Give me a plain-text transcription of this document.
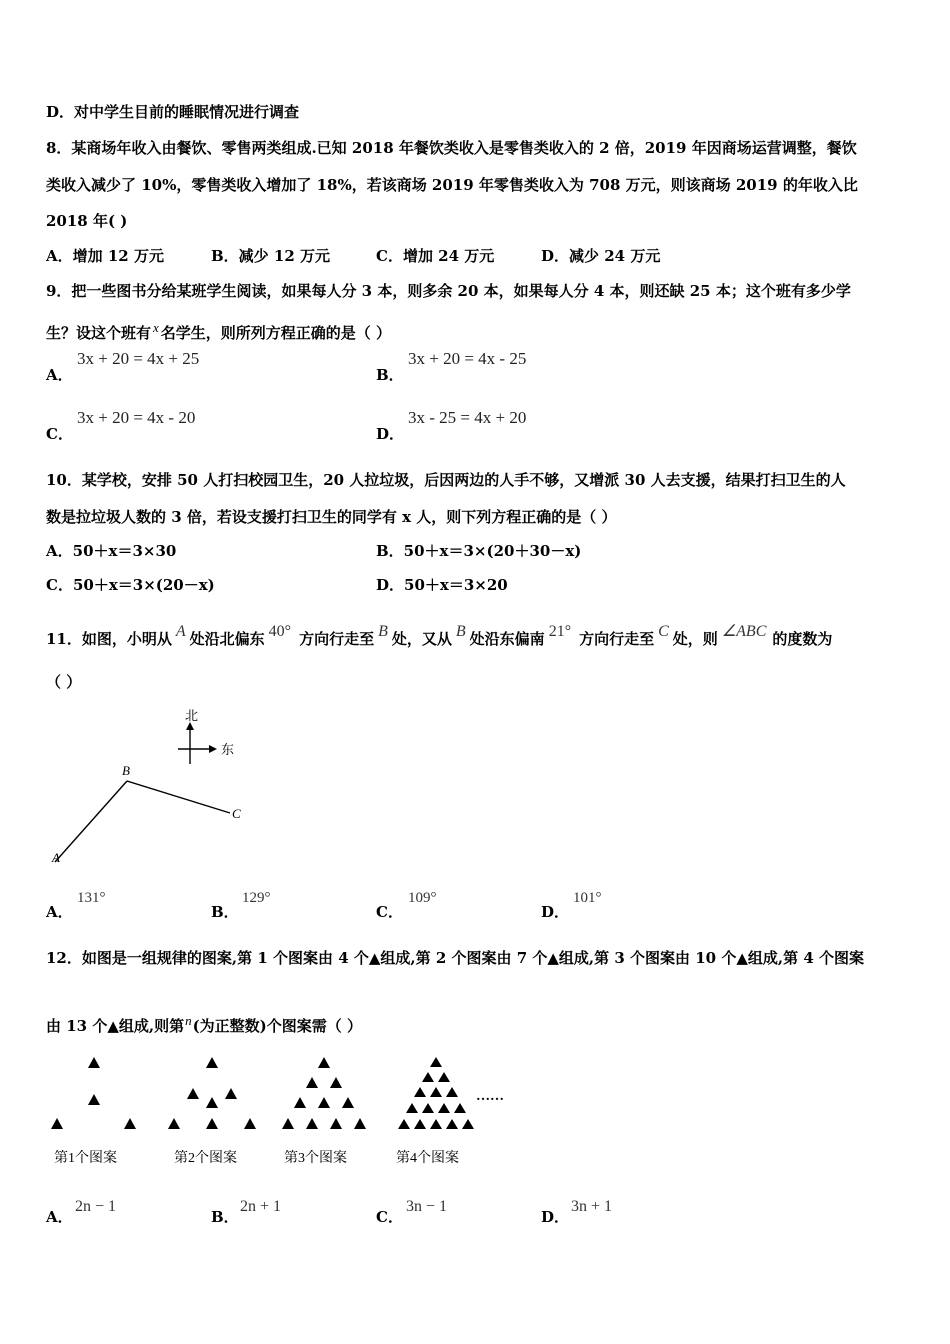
D．对中学生目前的睡眠情况进行调查
8．某商场年收入由餐饮、零售两类组成.已知 2018 年餐饮类收入是零售类收入的 2 倍，2019 年因商场运营调整，餐饮
类收入减少了 10%，零售类收入增加了 18%，若该商场 2019 年零售类收入为 708 万元，则该商场 2019 的年收入比
2018 年( )
A．增加 12 万元	B．减少 12 万元	C．增加 24 万元	D．减少 24 万元
9．把一些图书分给某班学生阅读，如果每人分 3 本，则多余 20 本，如果每人分 4 本，则还缺 25 本；这个班有多少学
生？设这个班有 x 名学生，则所列方程正确的是（ ）
A．
3x + 20 = 4x + 25
B．
3x + 20 = 4x - 25
C．
3x + 20 = 4x - 20
D．
3x - 25 = 4x + 20
10．某学校，安排 50 人打扫校园卫生，20 人拉垃圾，后因两边的人手不够，又增派 30 人去支援，结果打扫卫生的人
数是拉垃圾人数的 3 倍，若设支援打扫卫生的同学有 x 人，则下列方程正确的是（ ）
A．50＋x＝3×30	B．50＋x＝3×(20＋30－x)
C．50＋x＝3×(20－x)	D．50＋x＝3×20
11．如图，小明从 A 处沿北偏东 40° 方向行走至 B 处，又从 B 处沿东偏南 21° 方向行走至 C 处，则 ∠ABC 的度数为
（ ）
北
东
B
C
A
A．
131°
B．
129°
C．
109°
D．
101°
12．如图是一组规律的图案,第 1 个图案由 4 个▲组成,第 2 个图案由 7 个▲组成,第 3 个图案由 10 个▲组成,第 4 个图案
由 13 个▲组成,则第n(为正整数)个图案需（ ）
……
第1个图案	第2个图案	第3个图案	第4个图案
A．
2n − 1
B．
2n + 1
C．
3n − 1
D．
3n + 1
